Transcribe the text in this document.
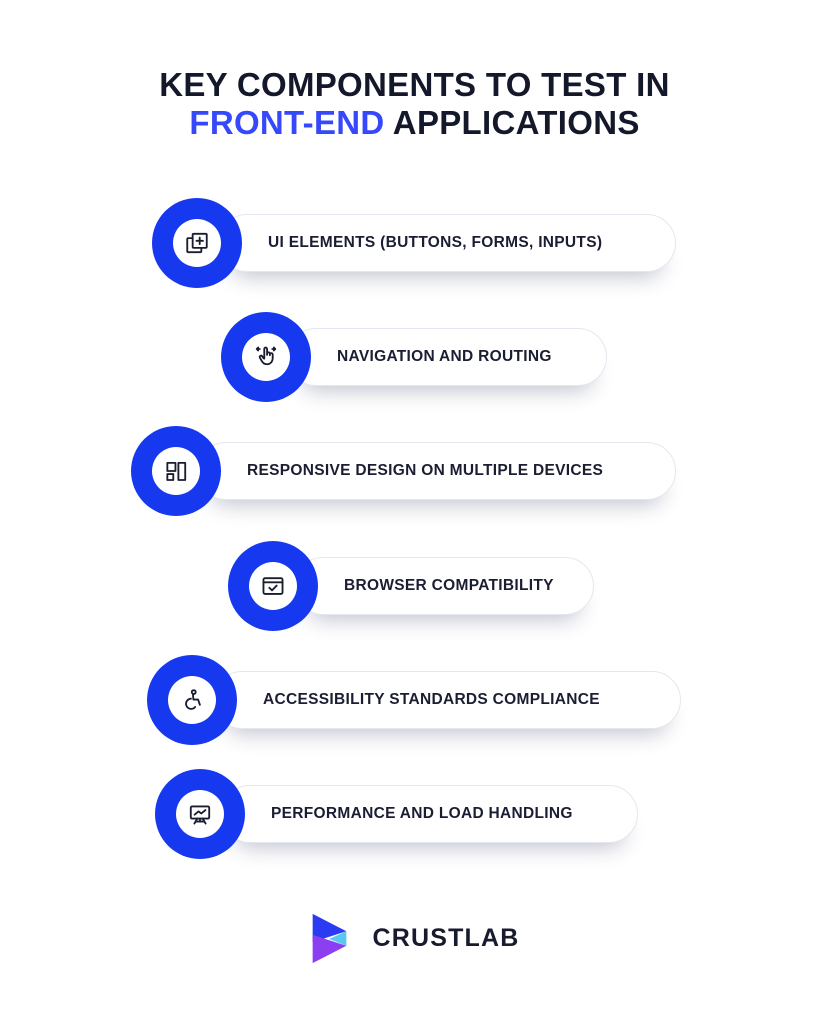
KEY COMPONENTS TO TEST IN
FRONT-END APPLICATIONS
UI ELEMENTS (BUTTONS, FORMS, INPUTS)
NAVIGATION AND ROUTING
RESPONSIVE DESIGN ON MULTIPLE DEVICES
BROWSER COMPATIBILITY
ACCESSIBILITY STANDARDS COMPLIANCE
PERFORMANCE AND LOAD HANDLING
CRUSTLAB
